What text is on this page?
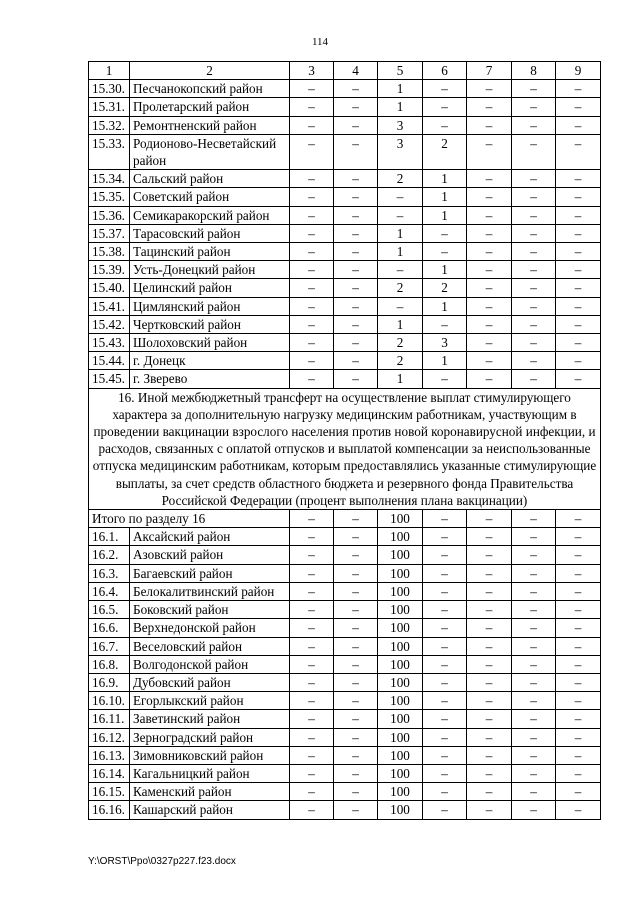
114
1	2	3	4	5	6	7	8	9
15.30.	Песчанокопский район	–	–	1	–	–	–	–
15.31.	Пролетарский район	–	–	1	–	–	–	–
15.32.	Ремонтненский район	–	–	3	–	–	–	–
15.33.	Родионово-Несветайский район	–	–	3	2	–	–	–
15.34.	Сальский район	–	–	2	1	–	–	–
15.35.	Советский район	–	–	–	1	–	–	–
15.36.	Семикаракорский район	–	–	–	1	–	–	–
15.37.	Тарасовский район	–	–	1	–	–	–	–
15.38.	Тацинский район	–	–	1	–	–	–	–
15.39.	Усть-Донецкий район	–	–	–	1	–	–	–
15.40.	Целинский район	–	–	2	2	–	–	–
15.41.	Цимлянский район	–	–	–	1	–	–	–
15.42.	Чертковский район	–	–	1	–	–	–	–
15.43.	Шолоховский район	–	–	2	3	–	–	–
15.44.	г. Донецк	–	–	2	1	–	–	–
15.45.	г. Зверево	–	–	1	–	–	–	–
16. Иной межбюджетный трансферт на осуществление выплат стимулирующего характера за дополнительную нагрузку медицинским работникам, участвующим в проведении вакцинации взрослого населения против новой коронавирусной инфекции, и расходов, связанных с оплатой отпусков и выплатой компенсации за неиспользованные отпуска медицинским работникам, которым предоставлялись указанные стимулирующие выплаты, за счет средств областного бюджета и резервного фонда Правительства Российской Федерации (процент выполнения плана вакцинации)								
Итого по разделу 16		–	–	100	–	–	–	–
16.1.	Аксайский район	–	–	100	–	–	–	–
16.2.	Азовский район	–	–	100	–	–	–	–
16.3.	Багаевский район	–	–	100	–	–	–	–
16.4.	Белокалитвинский район	–	–	100	–	–	–	–
16.5.	Боковский район	–	–	100	–	–	–	–
16.6.	Верхнедонской район	–	–	100	–	–	–	–
16.7.	Веселовский район	–	–	100	–	–	–	–
16.8.	Волгодонской район	–	–	100	–	–	–	–
16.9.	Дубовский район	–	–	100	–	–	–	–
16.10.	Егорлыкский район	–	–	100	–	–	–	–
16.11.	Заветинский район	–	–	100	–	–	–	–
16.12.	Зерноградский район	–	–	100	–	–	–	–
16.13.	Зимовниковский район	–	–	100	–	–	–	–
16.14.	Кагальницкий район	–	–	100	–	–	–	–
16.15.	Каменский район	–	–	100	–	–	–	–
16.16.	Кашарский район	–	–	100	–	–	–	–
Y:\ORST\Ppo\0327p227.f23.docx
